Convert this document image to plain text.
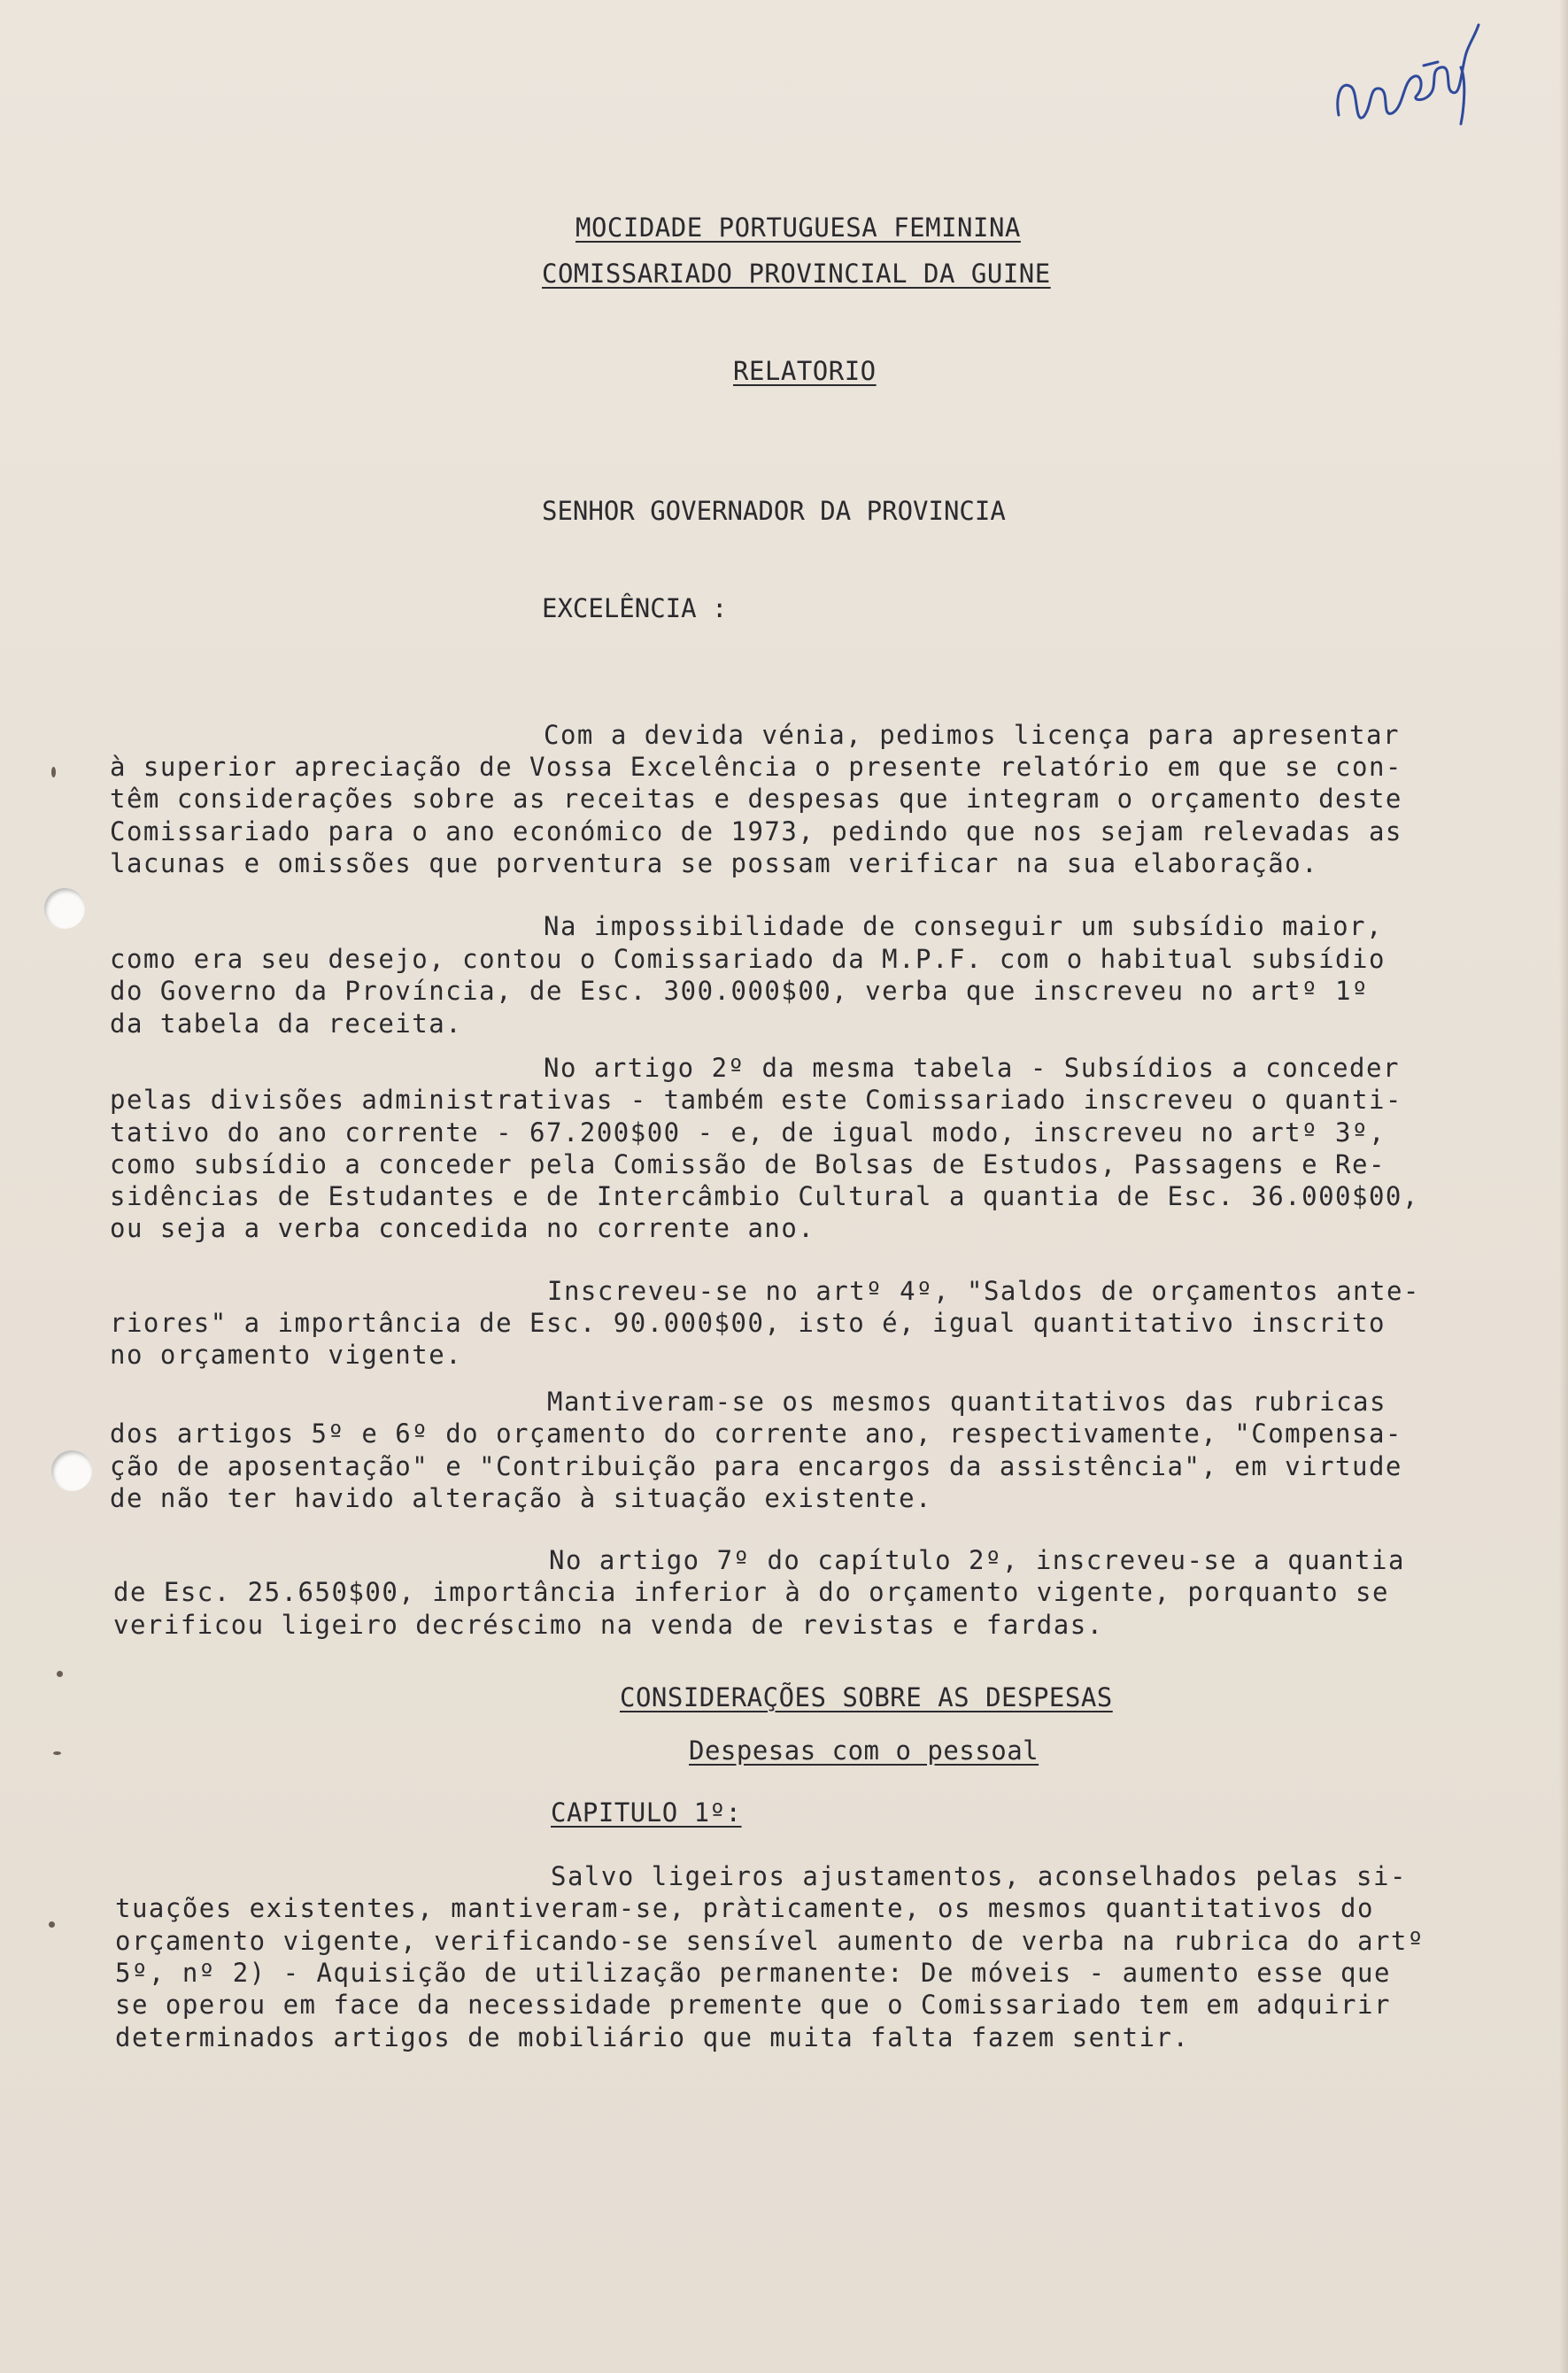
MOCIDADE PORTUGUESA FEMININA
COMISSARIADO PROVINCIAL DA GUINE
RELATORIO
SENHOR GOVERNADOR DA PROVINCIA
EXCELÊNCIA :
Com a devida vénia, pedimos licença para apresentar
à superior apreciação de Vossa Excelência o presente relatório em que se con-
têm considerações sobre as receitas e despesas que integram o orçamento deste
Comissariado para o ano económico de 1973, pedindo que nos sejam relevadas as
lacunas e omissões que porventura se possam verificar na sua elaboração.
Na impossibilidade de conseguir um subsídio maior,
como era seu desejo, contou o Comissariado da M.P.F. com o habitual subsídio
do Governo da Província, de Esc. 300.000$00, verba que inscreveu no artº 1º
da tabela da receita.
No artigo 2º da mesma tabela - Subsídios a conceder
pelas divisões administrativas - também este Comissariado inscreveu o quanti-
tativo do ano corrente - 67.200$00 - e, de igual modo, inscreveu no artº 3º,
como subsídio a conceder pela Comissão de Bolsas de Estudos, Passagens e Re-
sidências de Estudantes e de Intercâmbio Cultural a quantia de Esc. 36.000$00,
ou seja a verba concedida no corrente ano.
Inscreveu-se no artº 4º, "Saldos de orçamentos ante-
riores" a importância de Esc. 90.000$00, isto é, igual quantitativo inscrito
no orçamento vigente.
Mantiveram-se os mesmos quantitativos das rubricas
dos artigos 5º e 6º do orçamento do corrente ano, respectivamente, "Compensa-
ção de aposentação" e "Contribuição para encargos da assistência", em virtude
de não ter havido alteração à situação existente.
No artigo 7º do capítulo 2º, inscreveu-se a quantia
de Esc. 25.650$00, importância inferior à do orçamento vigente, porquanto se
verificou ligeiro decréscimo na venda de revistas e fardas.
CONSIDERAÇÕES SOBRE AS DESPESAS
Despesas com o pessoal
CAPITULO 1º:
Salvo ligeiros ajustamentos, aconselhados pelas si-
tuações existentes, mantiveram-se, pràticamente, os mesmos quantitativos do
orçamento vigente, verificando-se sensível aumento de verba na rubrica do artº
5º, nº 2) - Aquisição de utilização permanente: De móveis - aumento esse que
se operou em face da necessidade premente que o Comissariado tem em adquirir
determinados artigos de mobiliário que muita falta fazem sentir.
